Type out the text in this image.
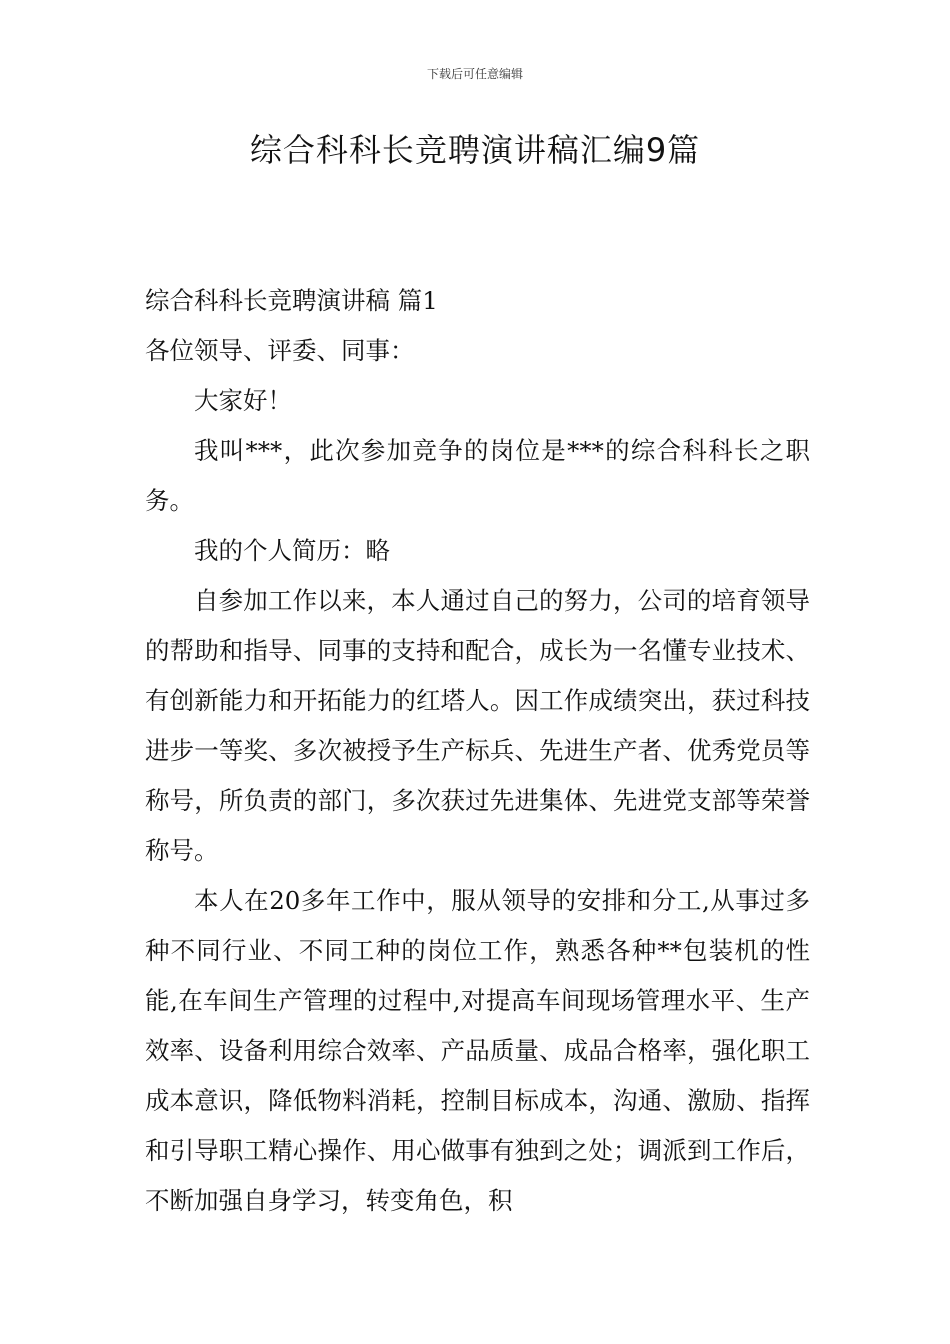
下载后可任意编辑
综合科科长竞聘演讲稿汇编9篇

综合科科长竞聘演讲稿 篇1

各位领导、评委、同事：

大家好！

我叫***，此次参加竞争的岗位是***的综合科科长之职务。

我的个人简历：略

自参加工作以来，本人通过自己的努力，公司的培育领导的帮助和指导、同事的支持和配合，成长为一名懂专业技术、有创新能力和开拓能力的红塔人。因工作成绩突出，获过科技进步一等奖、多次被授予生产标兵、先进生产者、优秀党员等称号，所负责的部门，多次获过先进集体、先进党支部等荣誉称号。

本人在20多年工作中，服从领导的安排和分工,从事过多种不同行业、不同工种的岗位工作，熟悉各种**包装机的性能,在车间生产管理的过程中,对提高车间现场管理水平、生产效率、设备利用综合效率、产品质量、成品合格率，强化职工成本意识，降低物料消耗，控制目标成本，沟通、激励、指挥和引导职工精心操作、用心做事有独到之处；调派到工作后，不断加强自身学习，转变角色，积
